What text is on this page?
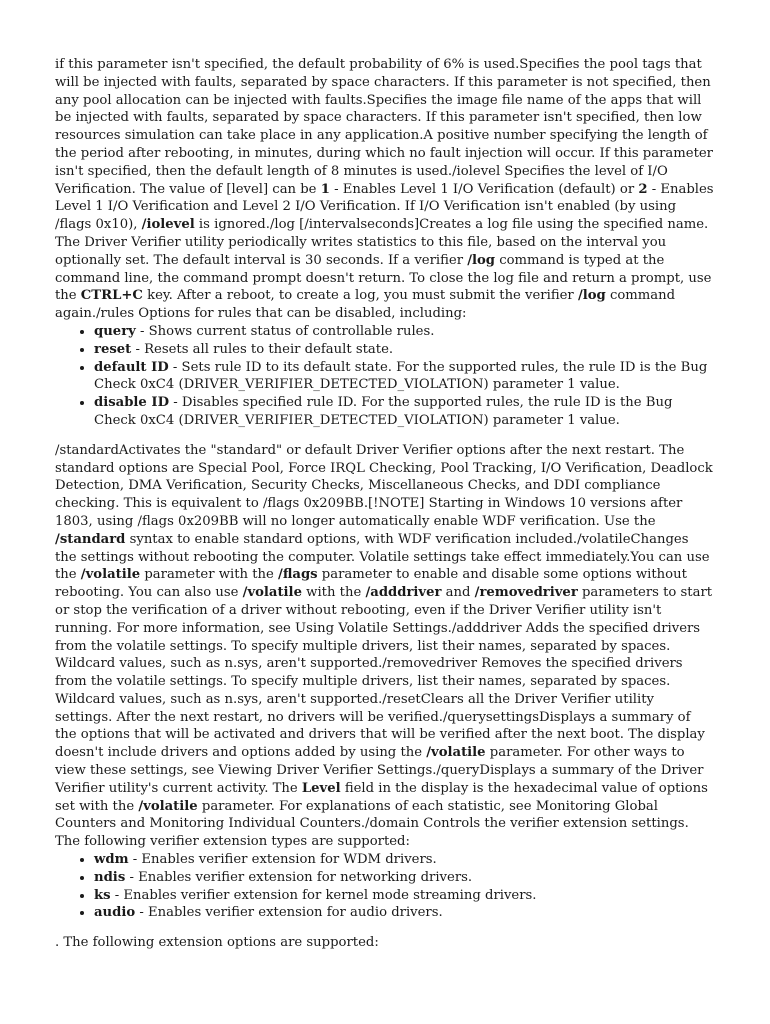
if this parameter isn't specified, the default probability of 6% is used.Specifies the pool tags that will be injected with faults, separated by space characters. If this parameter is not specified, then any pool allocation can be injected with faults.Specifies the image file name of the apps that will be injected with faults, separated by space characters. If this parameter isn't specified, then low resources simulation can take place in any application.A positive number specifying the length of the period after rebooting, in minutes, during which no fault injection will occur. If this parameter isn't specified, then the default length of 8 minutes is used./iolevel Specifies the level of I/O Verification. The value of [level] can be 1 - Enables Level 1 I/O Verification (default) or 2 - Enables Level 1 I/O Verification and Level 2 I/O Verification. If I/O Verification isn't enabled (by using /flags 0x10), /iolevel is ignored./log [/intervalseconds]Creates a log file using the specified name. The Driver Verifier utility periodically writes statistics to this file, based on the interval you optionally set. The default interval is 30 seconds. If a verifier /log command is typed at the command line, the command prompt doesn't return. To close the log file and return a prompt, use the CTRL+C key. After a reboot, to create a log, you must submit the verifier /log command again./rules Options for rules that can be disabled, including:

• query - Shows current status of controllable rules.
• reset - Resets all rules to their default state.
• default ID - Sets rule ID to its default state. For the supported rules, the rule ID is the Bug Check 0xC4 (DRIVER_VERIFIER_DETECTED_VIOLATION) parameter 1 value.
• disable ID - Disables specified rule ID. For the supported rules, the rule ID is the Bug Check 0xC4 (DRIVER_VERIFIER_DETECTED_VIOLATION) parameter 1 value.

/standardActivates the "standard" or default Driver Verifier options after the next restart. The standard options are Special Pool, Force IRQL Checking, Pool Tracking, I/O Verification, Deadlock Detection, DMA Verification, Security Checks, Miscellaneous Checks, and DDI compliance checking. This is equivalent to /flags 0x209BB.[!NOTE] Starting in Windows 10 versions after 1803, using /flags 0x209BB will no longer automatically enable WDF verification. Use the /standard syntax to enable standard options, with WDF verification included./volatileChanges the settings without rebooting the computer. Volatile settings take effect immediately.You can use the /volatile parameter with the /flags parameter to enable and disable some options without rebooting. You can also use /volatile with the /adddriver and /removedriver parameters to start or stop the verification of a driver without rebooting, even if the Driver Verifier utility isn't running. For more information, see Using Volatile Settings./adddriver Adds the specified drivers from the volatile settings. To specify multiple drivers, list their names, separated by spaces. Wildcard values, such as n.sys, aren't supported./removedriver Removes the specified drivers from the volatile settings. To specify multiple drivers, list their names, separated by spaces. Wildcard values, such as n.sys, aren't supported./resetClears all the Driver Verifier utility settings. After the next restart, no drivers will be verified./querysettingsDisplays a summary of the options that will be activated and drivers that will be verified after the next boot. The display doesn't include drivers and options added by using the /volatile parameter. For other ways to view these settings, see Viewing Driver Verifier Settings./queryDisplays a summary of the Driver Verifier utility's current activity. The Level field in the display is the hexadecimal value of options set with the /volatile parameter. For explanations of each statistic, see Monitoring Global Counters and Monitoring Individual Counters./domain Controls the verifier extension settings. The following verifier extension types are supported:

• wdm - Enables verifier extension for WDM drivers.
• ndis - Enables verifier extension for networking drivers.
• ks - Enables verifier extension for kernel mode streaming drivers.
• audio - Enables verifier extension for audio drivers.

. The following extension options are supported:
